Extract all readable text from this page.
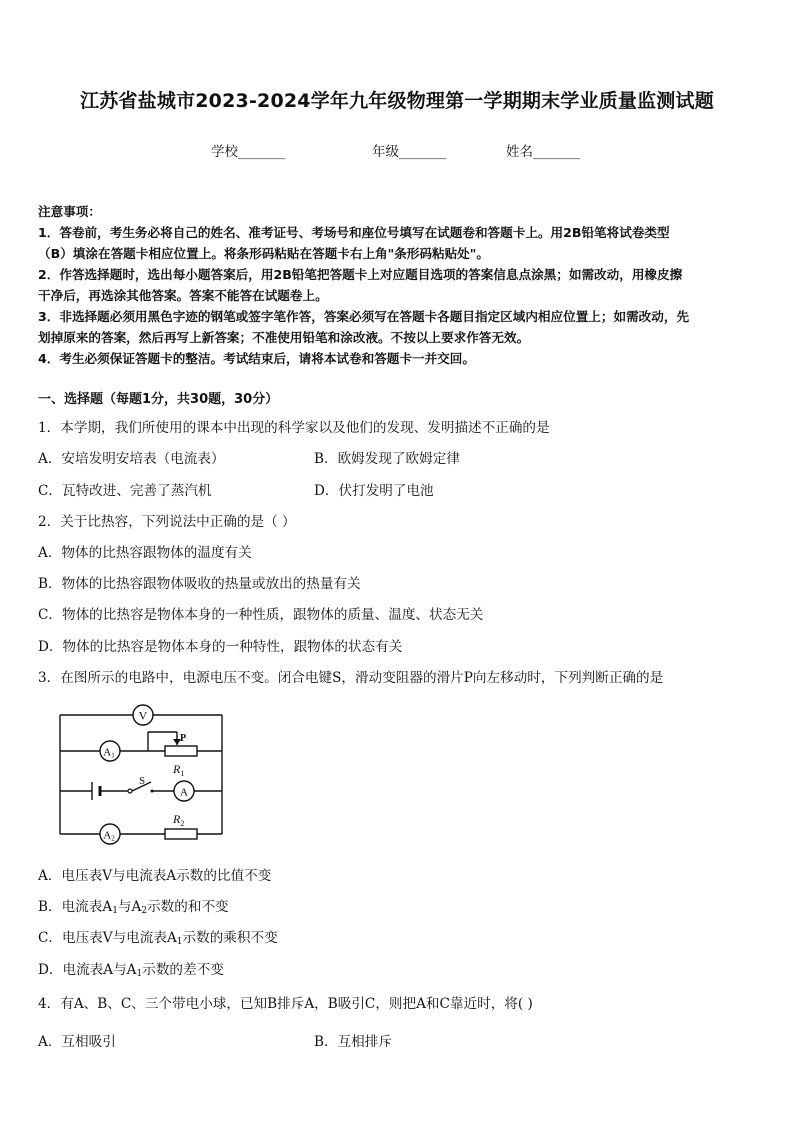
江苏省盐城市2023-2024学年九年级物理第一学期期末学业质量监测试题
学校_______	年级_______	姓名_______
注意事项：
1．答卷前，考生务必将自己的姓名、准考证号、考场号和座位号填写在试题卷和答题卡上。用2B铅笔将试卷类型
（B）填涂在答题卡相应位置上。将条形码粘贴在答题卡右上角"条形码粘贴处"。
2．作答选择题时，选出每小题答案后，用2B铅笔把答题卡上对应题目选项的答案信息点涂黑；如需改动，用橡皮擦
干净后，再选涂其他答案。答案不能答在试题卷上。
3．非选择题必须用黑色字迹的钢笔或签字笔作答，答案必须写在答题卡各题目指定区域内相应位置上；如需改动，先
划掉原来的答案，然后再写上新答案；不准使用铅笔和涂改液。不按以上要求作答无效。
4．考生必须保证答题卡的整洁。考试结束后，请将本试卷和答题卡一并交回。
一、选择题（每题1分，共30题，30分）
1．本学期，我们所使用的课本中出现的科学家以及他们的发现、发明描述不正确的是
A．安培发明安培表（电流表）	B．欧姆发现了欧姆定律
C．瓦特改进、完善了蒸汽机	D．伏打发明了电池
2．关于比热容，下列说法中正确的是（ ）
A．物体的比热容跟物体的温度有关
B．物体的比热容跟物体吸收的热量或放出的热量有关
C．物体的比热容是物体本身的一种性质，跟物体的质量、温度、状态无关
D．物体的比热容是物体本身的一种特性，跟物体的状态有关
3．在图所示的电路中，电源电压不变。闭合电键S，滑动变阻器的滑片P向左移动时，下列判断正确的是
V
A1
A
A2
P
S
$R_1$
$R_2$
A．电压表V与电流表A示数的比值不变
B．电流表$A_1$与$A_2$示数的和不变
C．电压表V与电流表$A_1$示数的乘积不变
D．电流表A与$A_1$示数的差不变
4．有A、B、C、三个带电小球，已知B排斥A，B吸引C，则把A和C靠近时，将( )
A．互相吸引	B．互相排斥
